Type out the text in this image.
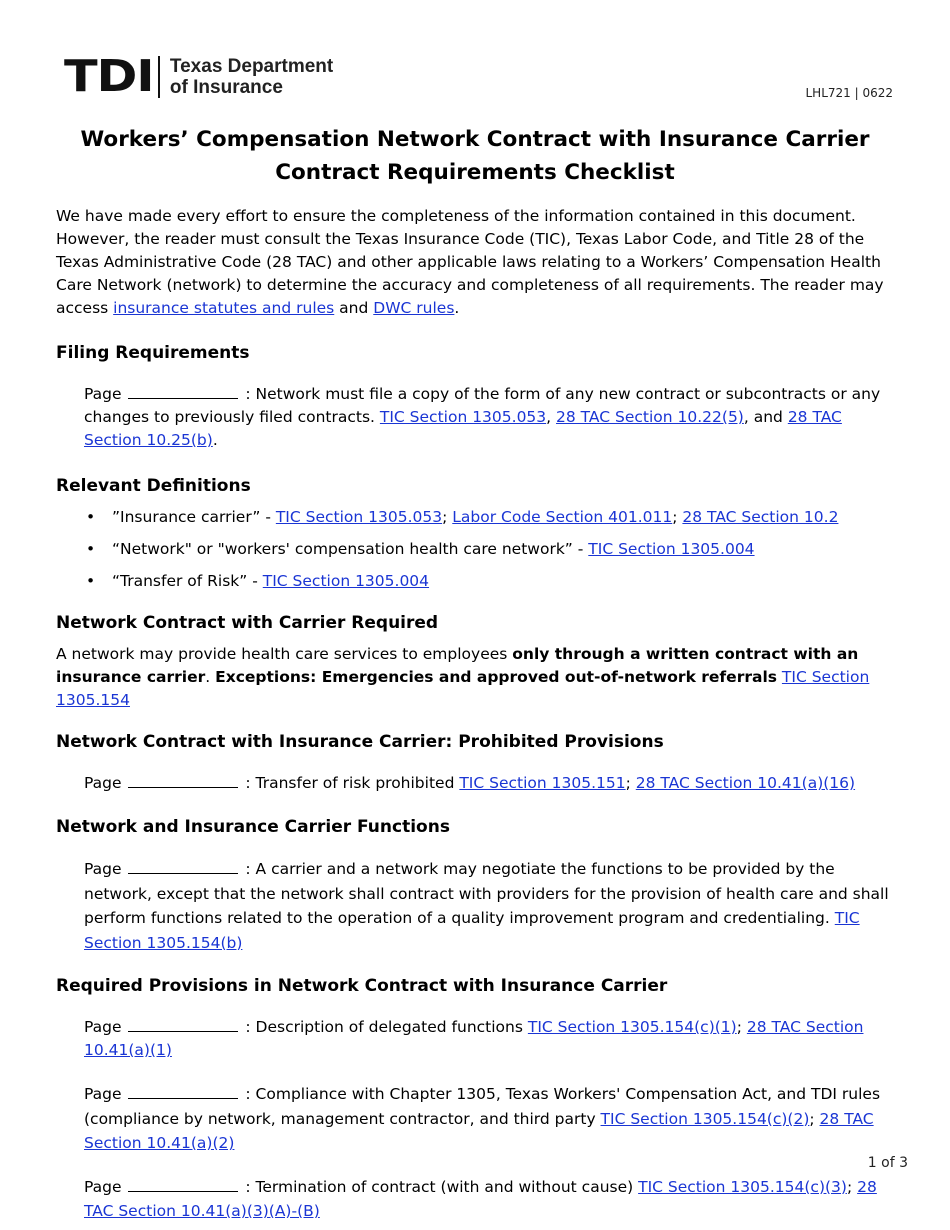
TDI Texas Department
of Insurance	LHL721 | 0622
Workers’ Compensation Network Contract with Insurance Carrier
Contract Requirements Checklist

We have made every effort to ensure the completeness of the information contained in this document. However, the reader must consult the Texas Insurance Code (TIC), Texas Labor Code, and Title 28 of the Texas Administrative Code (28 TAC) and other applicable laws relating to a Workers’ Compensation Health Care Network (network) to determine the accuracy and completeness of all requirements. The reader may access insurance statutes and rules and DWC rules.

Filing Requirements

Page	: Network must file a copy of the form of any new contract or subcontracts or any changes to previously filed contracts. TIC Section 1305.053, 28 TAC Section 10.22(5), and 28 TAC Section 10.25(b).

Relevant Definitions
• ”Insurance carrier” - TIC Section 1305.053; Labor Code Section 401.011; 28 TAC Section 10.2
• “Network" or "workers' compensation health care network” - TIC Section 1305.004
• “Transfer of Risk” - TIC Section 1305.004
Network Contract with Carrier Required

A network may provide health care services to employees only through a written contract with an insurance carrier. Exceptions: Emergencies and approved out-of-network referrals TIC Section 1305.154

Network Contract with Insurance Carrier: Prohibited Provisions

Page	: Transfer of risk prohibited TIC Section 1305.151; 28 TAC Section 10.41(a)(16)

Network and Insurance Carrier Functions

Page	: A carrier and a network may negotiate the functions to be provided by the network, except that the network shall contract with providers for the provision of health care and shall perform functions related to the operation of a quality improvement program and credentialing. TIC Section 1305.154(b)

Required Provisions in Network Contract with Insurance Carrier

Page	: Description of delegated functions TIC Section 1305.154(c)(1); 28 TAC Section 10.41(a)(1)

Page	: Compliance with Chapter 1305, Texas Workers' Compensation Act, and TDI rules (compliance by network, management contractor, and third party TIC Section 1305.154(c)(2); 28 TAC Section 10.41(a)(2)

Page	: Termination of contract (with and without cause) TIC Section 1305.154(c)(3); 28 TAC Section 10.41(a)(3)(A)-(B)

1 of 3
